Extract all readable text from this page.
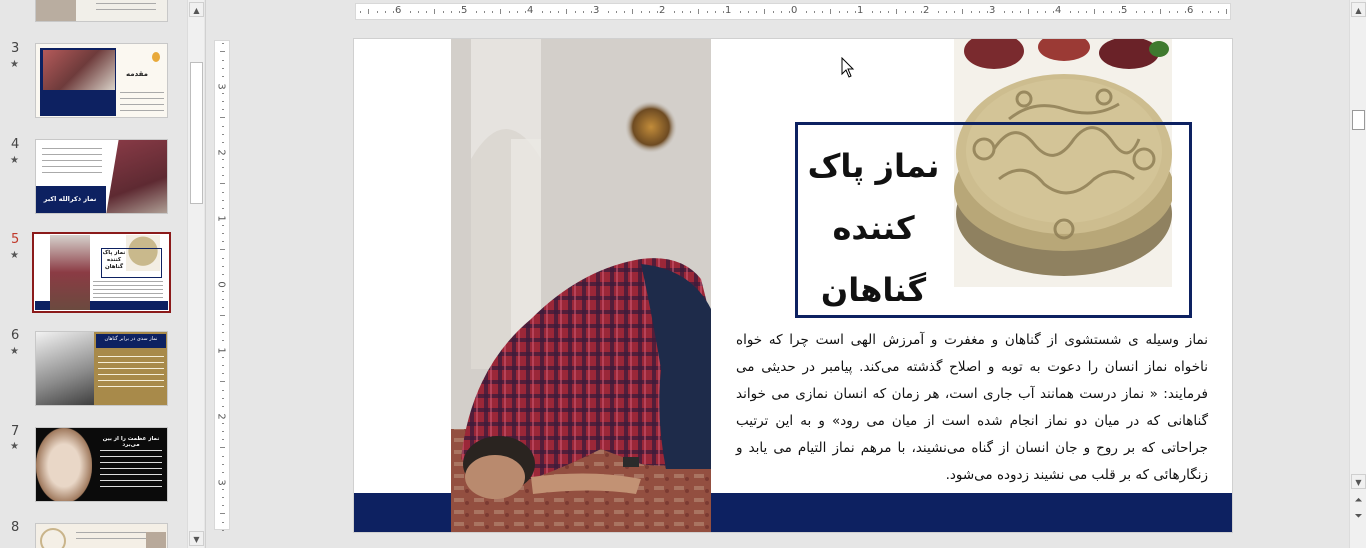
3
★
مقدمه
4
★
نماز ذکرالله اکبر
5
★	نماز پاک کننده گناهان
6
★
نماز سدی در برابر گناهان
7
★
نماز عظمت را از بین می‌برد
8
▲
▼
6	5	4	3	2	1	0	1	2	3	4	5	6
3
2
1
0
1
2
3
نماز پاک
کننده
گناهان
نماز وسیله ی شستشوی از گناهان و مغفرت و آمرزش الهی است چرا که خواه ناخواه نماز انسان را دعوت به توبه و اصلاح گذشته می‌کند. پیامبر در حدیثی می فرمایند: « نماز درست همانند آب جاری است، هر زمان که انسان نمازی می خواند گناهانی که در میان دو نماز انجام شده است از میان می رود» و به این ترتیب جراحاتی که بر روح و جان انسان از گناه می‌نشیند، با مرهم نماز التیام می یابد و زنگارهائی که بر قلب می نشیند زدوده می‌شود.
▲
▼
⏶
⏷
